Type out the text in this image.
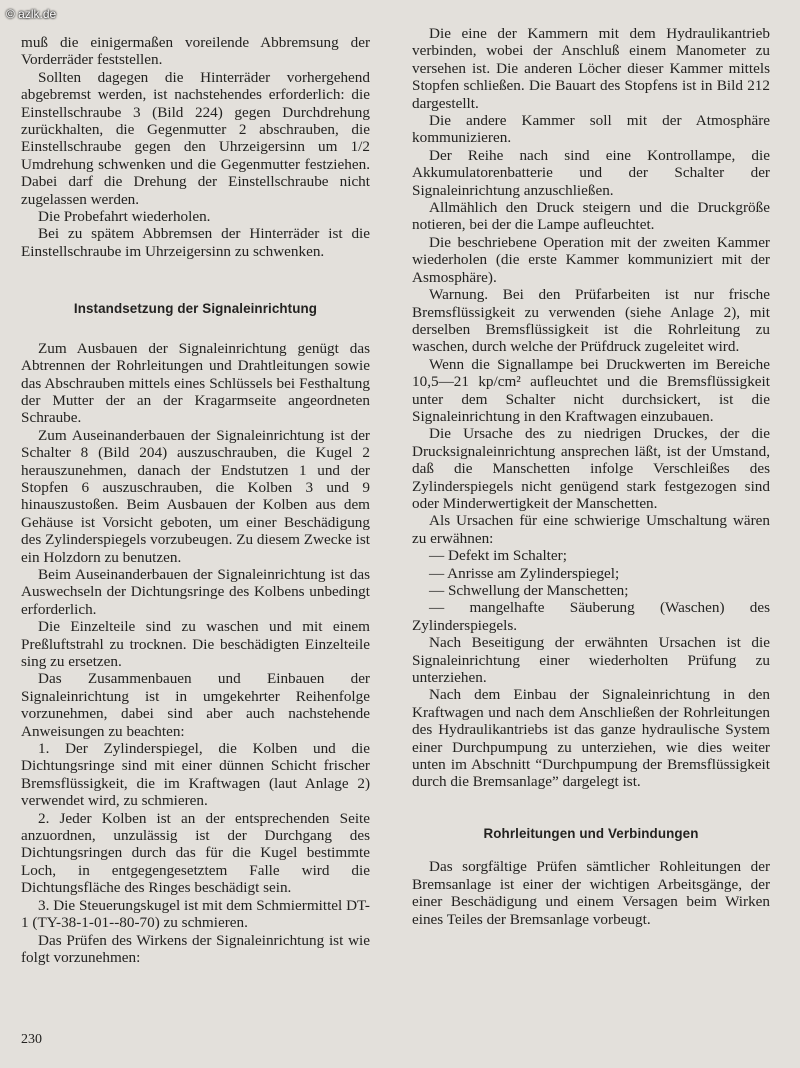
© azlk.de

muß die einigermaßen voreilende Abbremsung der Vorderräder feststellen.

Sollten dagegen die Hinterräder vorhergehend abgebremst werden, ist nachstehendes erforderlich: die Einstellschraube 3 (Bild 224) gegen Durchdrehung zurückhalten, die Gegenmutter 2 abschrauben, die Einstellschraube gegen den Uhrzeigersinn um 1/2 Umdrehung schwenken und die Gegenmutter festziehen. Dabei darf die Drehung der Einstellschraube nicht zugelassen werden.

Die Probefahrt wiederholen.

Bei zu spätem Abbremsen der Hinterräder ist die Einstellschraube im Uhrzeigersinn zu schwenken.

Instandsetzung der Signaleinrichtung

Zum Ausbauen der Signaleinrichtung genügt das Abtrennen der Rohrleitungen und Drahtleitungen sowie das Abschrauben mittels eines Schlüssels bei Festhaltung der Mutter der an der Kragarmseite angeordneten Schraube.

Zum Auseinanderbauen der Signaleinrichtung ist der Schalter 8 (Bild 204) auszuschrauben, die Kugel 2 herauszunehmen, danach der Endstutzen 1 und der Stopfen 6 auszuschrauben, die Kolben 3 und 9 hinauszustoßen. Beim Ausbauen der Kolben aus dem Gehäuse ist Vorsicht geboten, um einer Beschädigung des Zylinderspiegels vorzubeugen. Zu diesem Zwecke ist ein Holzdorn zu benutzen.

Beim Auseinanderbauen der Signaleinrichtung ist das Auswechseln der Dichtungsringe des Kolbens unbedingt erforderlich.

Die Einzelteile sind zu waschen und mit einem Preßluftstrahl zu trocknen. Die beschädigten Einzelteile sing zu ersetzen.

Das Zusammenbauen und Einbauen der Signaleinrichtung ist in umgekehrter Reihenfolge vorzunehmen, dabei sind aber auch nachstehende Anweisungen zu beachten:

1. Der Zylinderspiegel, die Kolben und die Dichtungsringe sind mit einer dünnen Schicht frischer Bremsflüssigkeit, die im Kraftwagen (laut Anlage 2) verwendet wird, zu schmieren.

2. Jeder Kolben ist an der entsprechenden Seite anzuordnen, unzulässig ist der Durchgang des Dichtungsringen durch das für die Kugel bestimmte Loch, in entgegengesetztem Falle wird die Dichtungsfläche des Ringes beschädigt sein.

3. Die Steuerungskugel ist mit dem Schmiermittel DT-1 (TY-38-1-01--80-70) zu schmieren.

Das Prüfen des Wirkens der Signaleinrichtung ist wie folgt vorzunehmen:

Die eine der Kammern mit dem Hydraulikantrieb verbinden, wobei der Anschluß einem Manometer zu versehen ist. Die anderen Löcher dieser Kammer mittels Stopfen schließen. Die Bauart des Stopfens ist in Bild 212 dargestellt.

Die andere Kammer soll mit der Atmosphäre kommunizieren.

Der Reihe nach sind eine Kontrollampe, die Akkumulatorenbatterie und der Schalter der Signaleinrichtung anzuschließen.

Allmählich den Druck steigern und die Druckgröße notieren, bei der die Lampe aufleuchtet.

Die beschriebene Operation mit der zweiten Kammer wiederholen (die erste Kammer kommuniziert mit der Asmosphäre).

Warnung. Bei den Prüfarbeiten ist nur frische Bremsflüssigkeit zu verwenden (siehe Anlage 2), mit derselben Bremsflüssigkeit ist die Rohrleitung zu waschen, durch welche der Prüfdruck zugeleitet wird.

Wenn die Signallampe bei Druckwerten im Bereiche 10,5—21 kp/cm² aufleuchtet und die Bremsflüssigkeit unter dem Schalter nicht durchsickert, ist die Signaleinrichtung in den Kraftwagen einzubauen.

Die Ursache des zu niedrigen Druckes, der die Drucksignaleinrichtung ansprechen läßt, ist der Umstand, daß die Manschetten infolge Verschleißes des Zylinderspiegels nicht genügend stark festgezogen sind oder Minderwertigkeit der Manschetten.

Als Ursachen für eine schwierige Umschaltung wären zu erwähnen:

— Defekt im Schalter;
— Anrisse am Zylinderspiegel;
— Schwellung der Manschetten;
— mangelhafte Säuberung (Waschen) des Zylinderspiegels.

Nach Beseitigung der erwähnten Ursachen ist die Signaleinrichtung einer wiederholten Prüfung zu unterziehen.

Nach dem Einbau der Signaleinrichtung in den Kraftwagen und nach dem Anschließen der Rohrleitungen des Hydraulikantriebs ist das ganze hydraulische System einer Durchpumpung zu unterziehen, wie dies weiter unten im Abschnitt “Durchpumpung der Bremsflüssigkeit durch die Bremsanlage” dargelegt ist.

Rohrleitungen und Verbindungen

Das sorgfältige Prüfen sämtlicher Rohleitungen der Bremsanlage ist einer der wichtigen Arbeitsgänge, der einer Beschädigung und einem Versagen beim Wirken eines Teiles der Bremsanlage vorbeugt.

230
